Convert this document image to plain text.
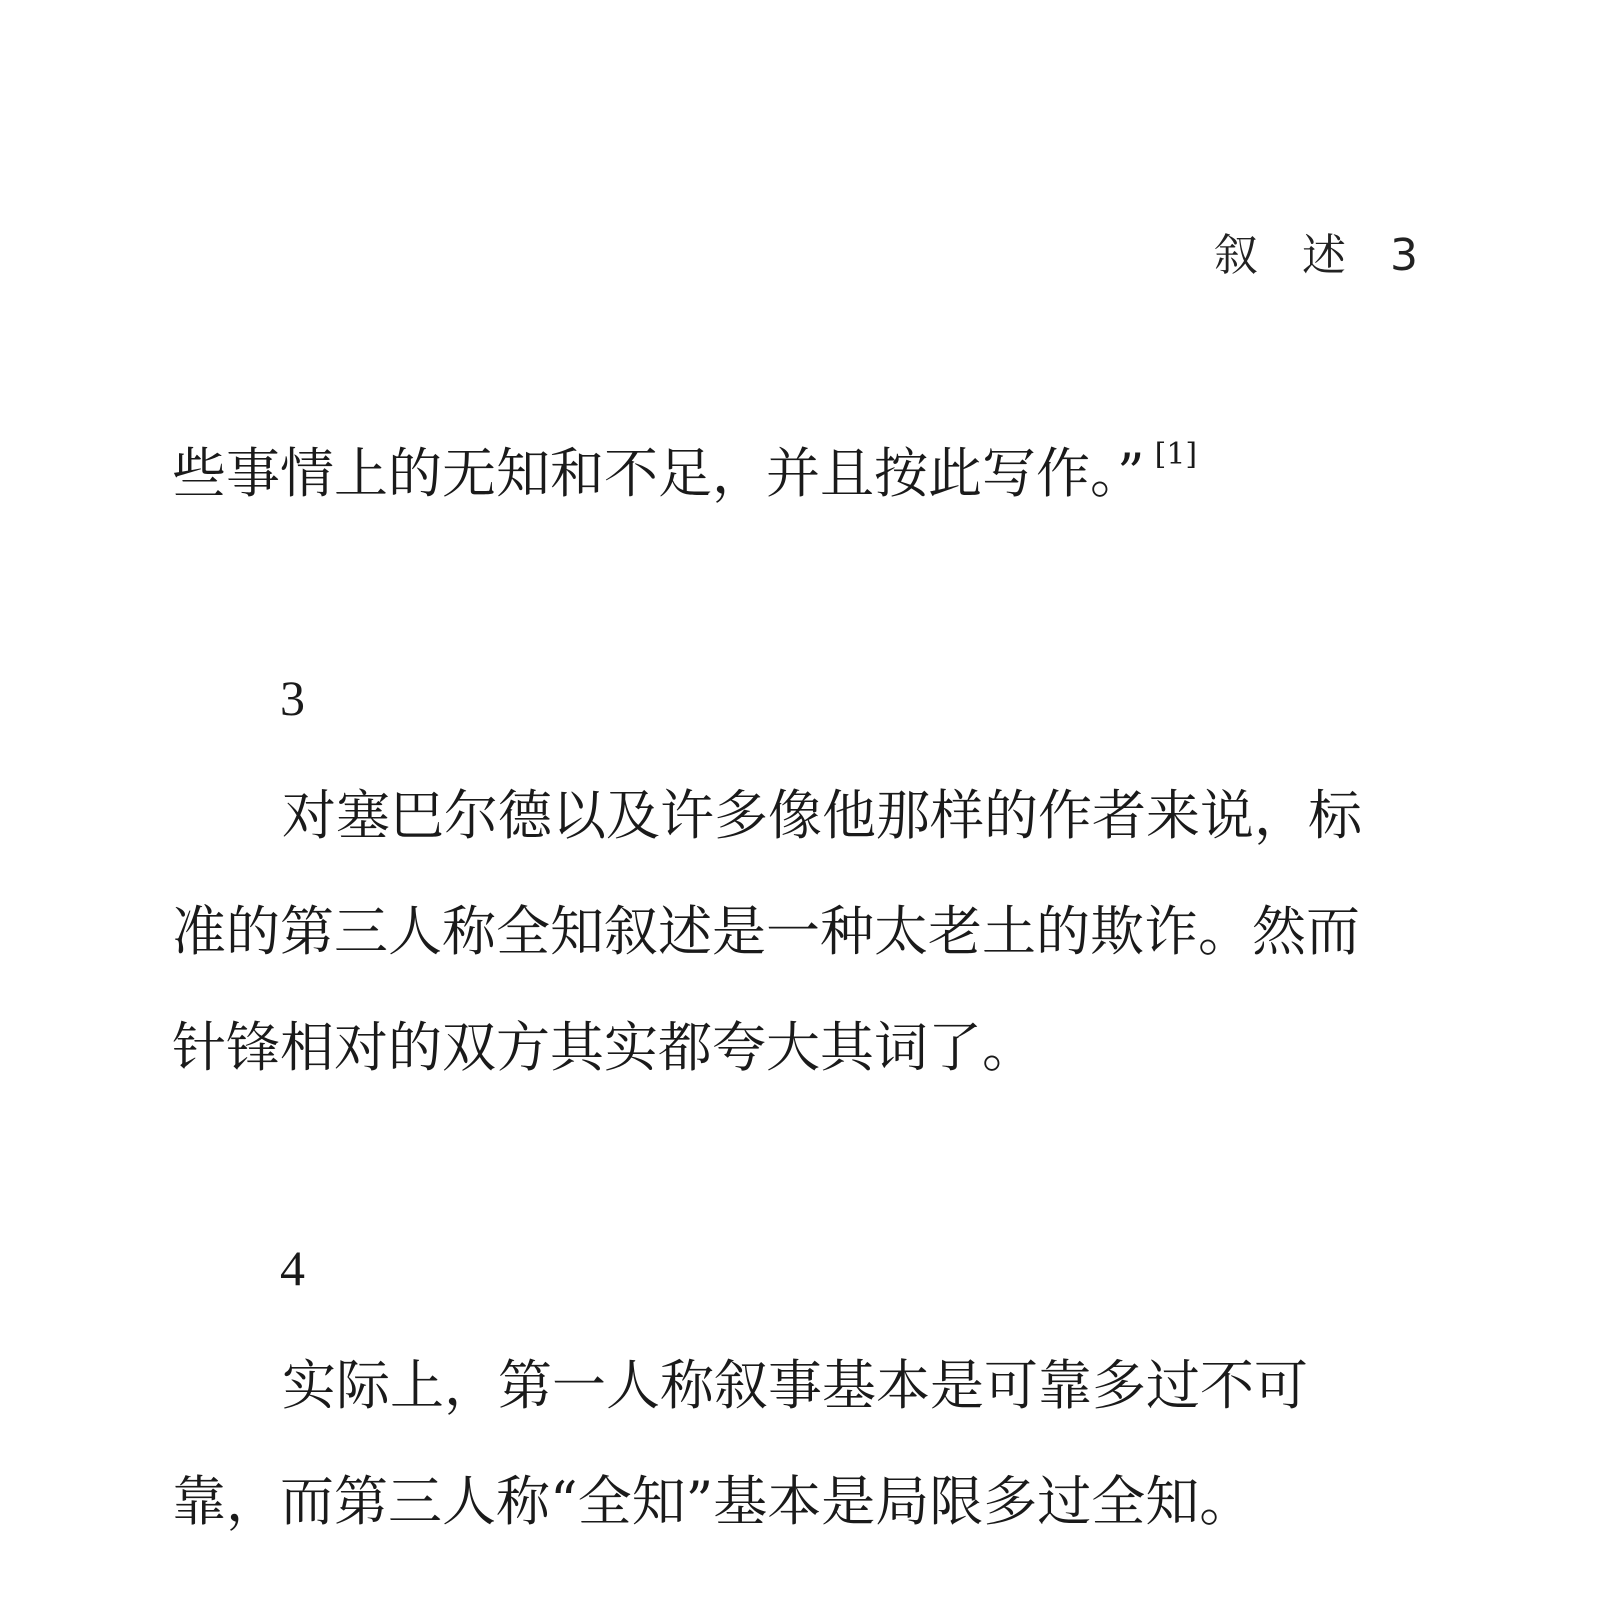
叙述3
些事情上的无知和不足，并且按此写作。” [1]
3
对塞巴尔德以及许多像他那样的作者来说，标
准的第三人称全知叙述是一种太老土的欺诈。然而
针锋相对的双方其实都夸大其词了。
4
实际上，第一人称叙事基本是可靠多过不可
靠，而第三人称“全知”基本是局限多过全知。
